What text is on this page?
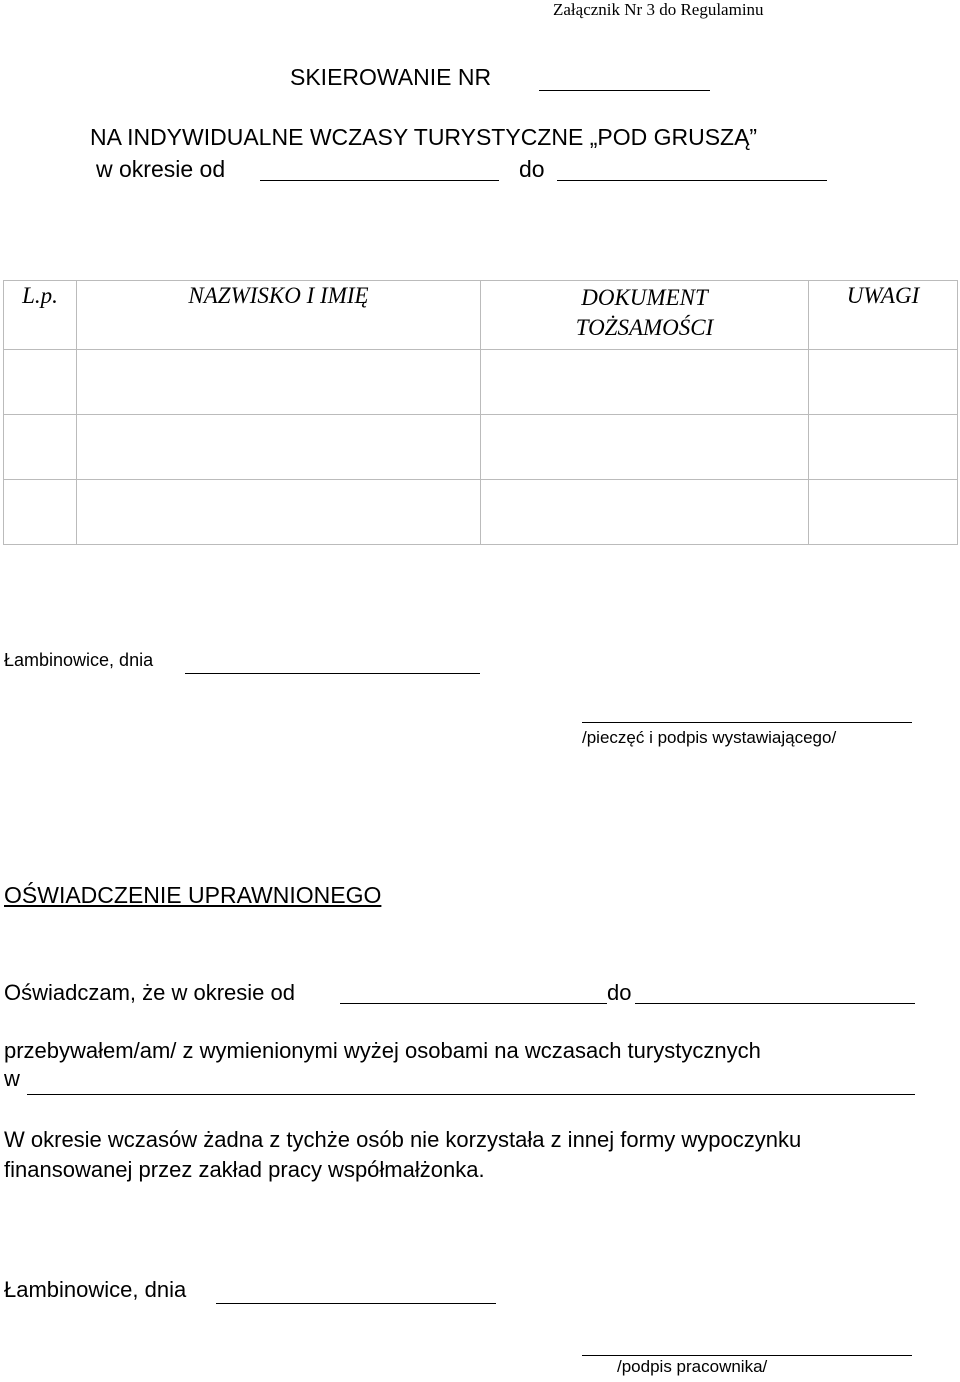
Załącznik Nr 3 do Regulaminu
SKIEROWANIE NR
NA INDYWIDUALNE WCZASY TURYSTYCZNE „POD GRUSZĄ”
w okresie od	do
L.p.	NAZWISKO I IMIĘ	DOKUMENT TOŻSAMOŚCI	UWAGI

Łambinowice, dnia
/pieczęć i podpis wystawiającego/
OŚWIADCZENIE UPRAWNIONEGO
Oświadczam, że w okresie od	do
przebywałem/am/ z wymienionymi wyżej osobami na wczasach turystycznych
w
W okresie wczasów żadna z tychże osób nie korzystała z innej formy wypoczynku
finansowanej przez zakład pracy współmałżonka.
Łambinowice, dnia
/podpis pracownika/
